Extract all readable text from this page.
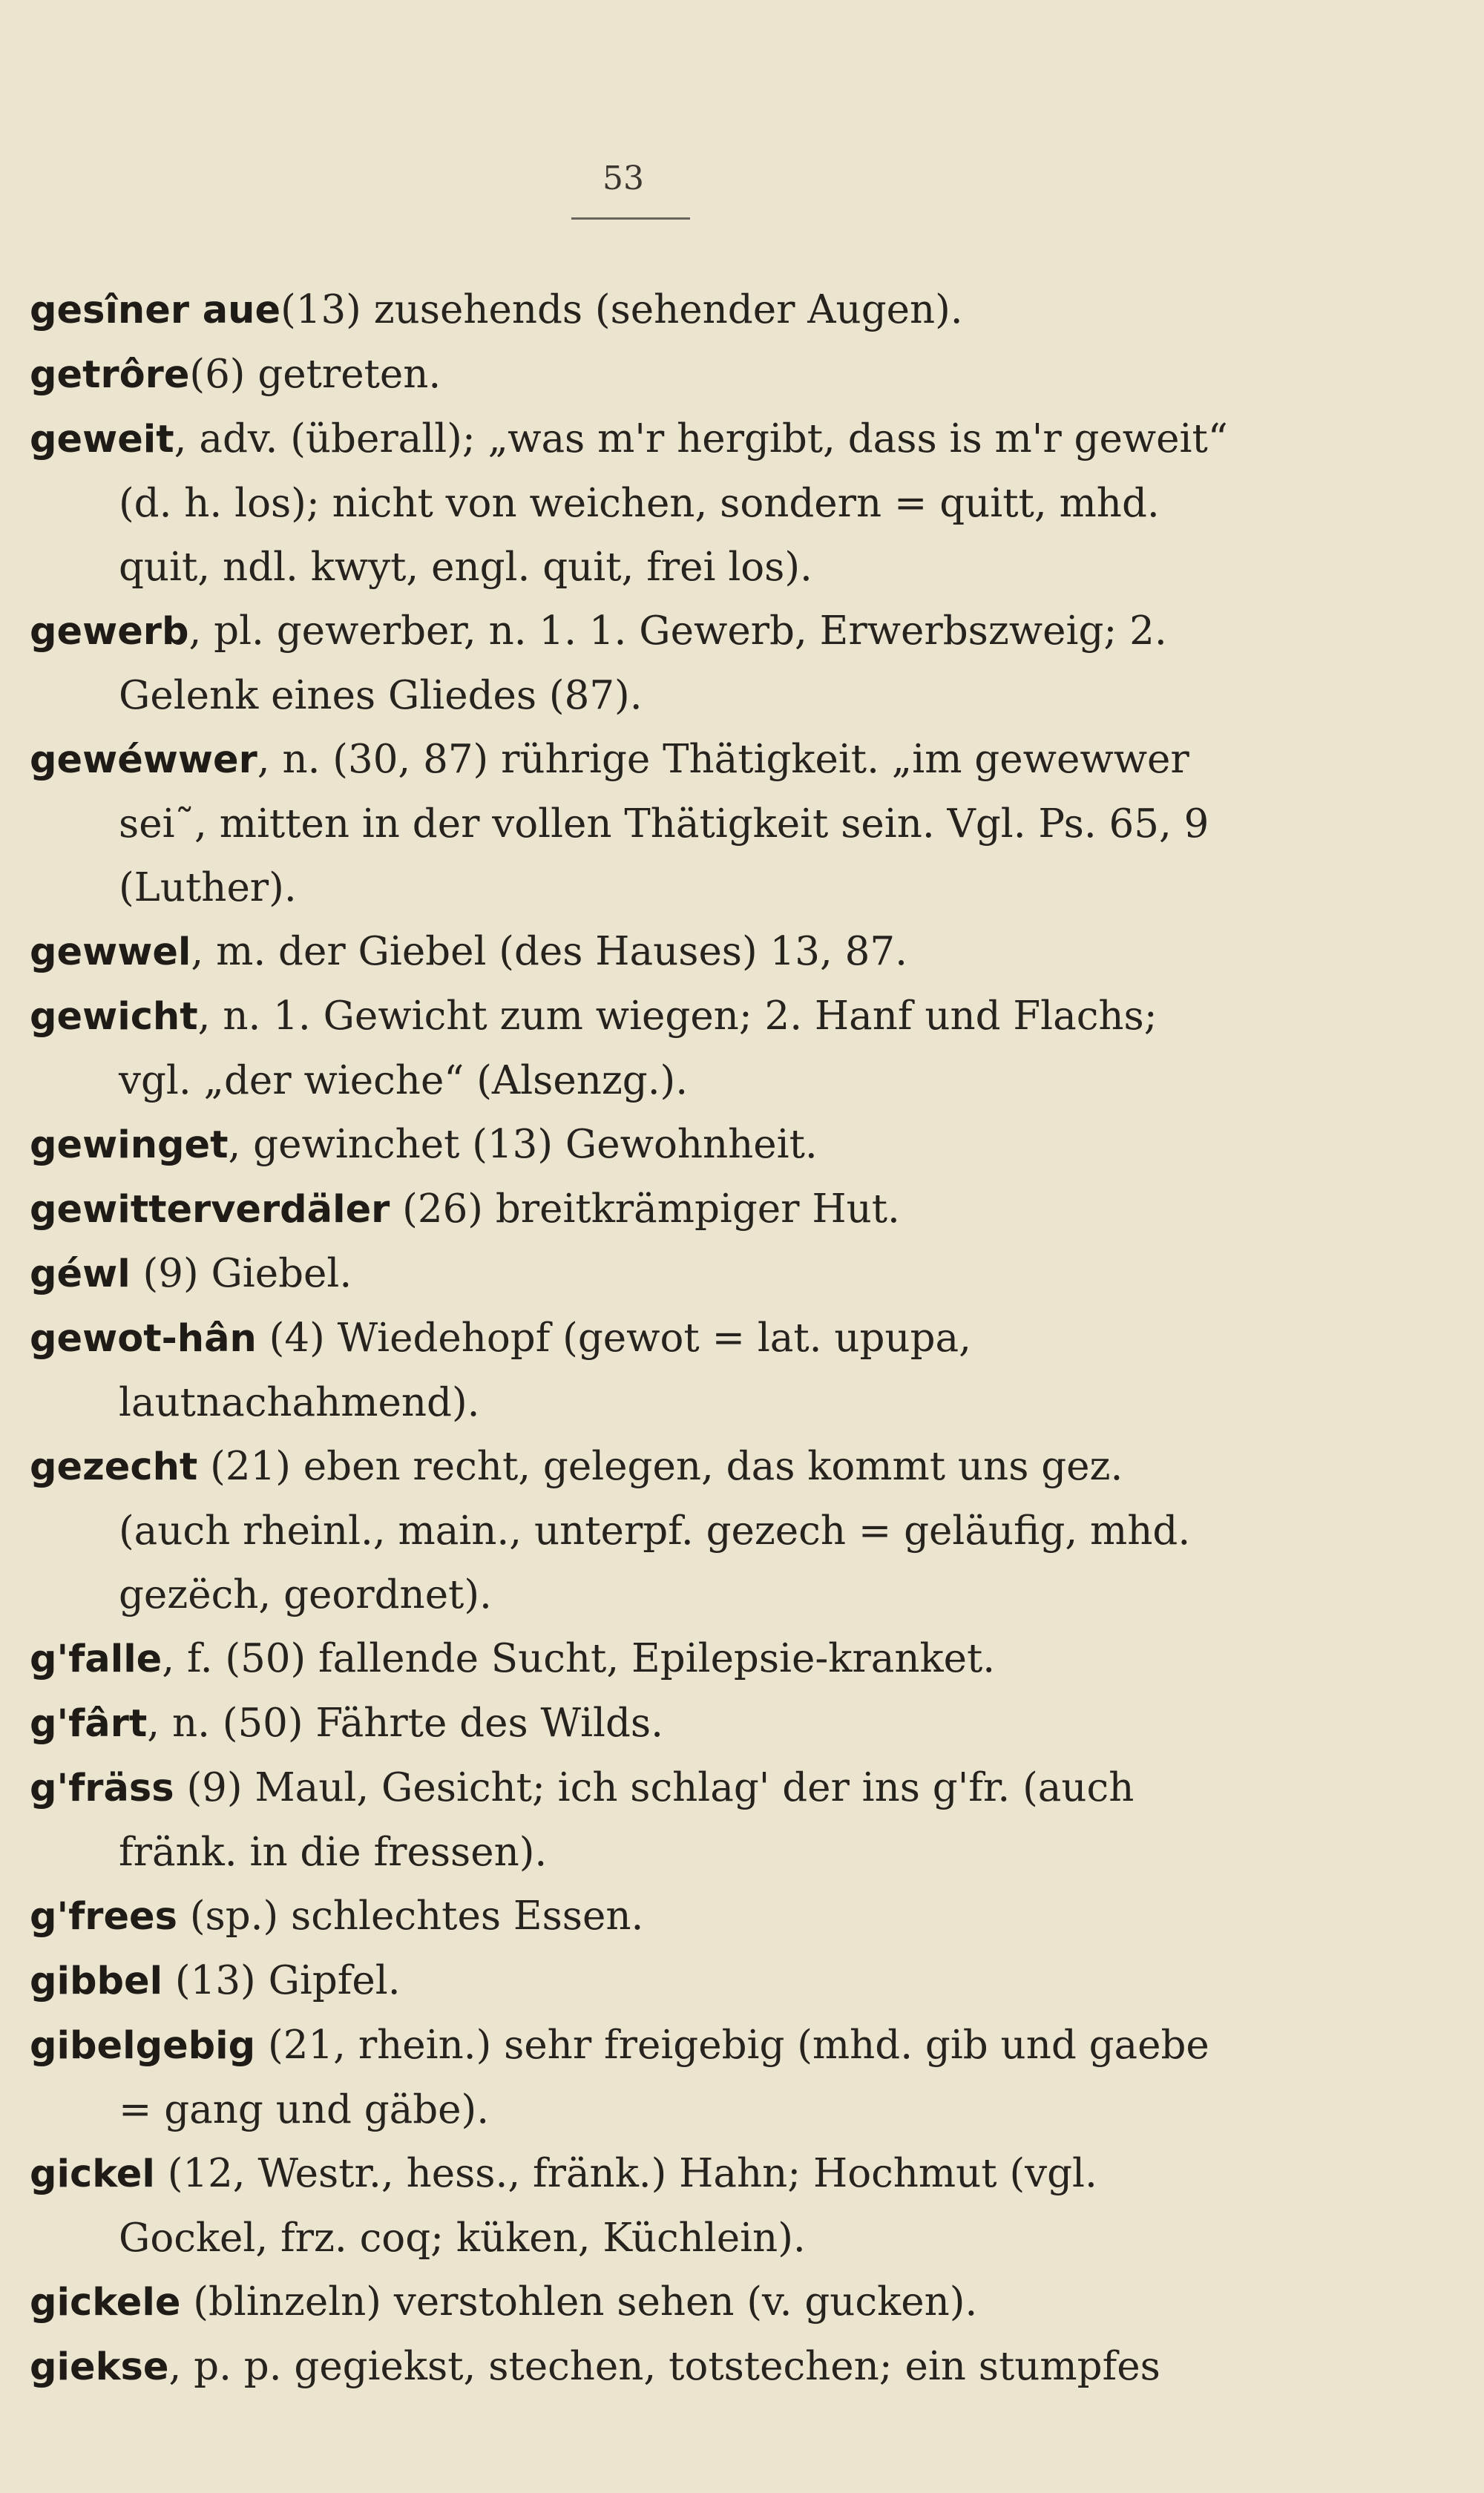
53

gesîner aue(13) zusehends (sehender Augen).

getrôre(6) getreten.

geweit, adv. (überall); „was m'r hergibt, dass is m'r geweit“ (d. h. los); nicht von weichen, sondern = quitt, mhd. quit, ndl. kwyt, engl. quit, frei los).

gewerb, pl. gewerber, n. 1. 1. Gewerb, Erwerbszweig; 2. Gelenk eines Gliedes (87).

gewéwwer, n. (30, 87) rührige Thätigkeit. „im gewewwer sei˜, mitten in der vollen Thätigkeit sein. Vgl. Ps. 65, 9 (Luther).

gewwel, m. der Giebel (des Hauses) 13, 87.

gewicht, n. 1. Gewicht zum wiegen; 2. Hanf und Flachs; vgl. „der wieche“ (Alsenzg.).

gewinget, gewinchet (13) Gewohnheit.

gewitterverdäler (26) breitkrämpiger Hut.

géwl (9) Giebel.

gewot-hân (4) Wiedehopf (gewot = lat. upupa, lautnachahmend).

gezecht (21) eben recht, gelegen, das kommt uns gez. (auch rheinl., main., unterpf. gezech = geläufig, mhd. gezëch, geordnet).

g'falle, f. (50) fallende Sucht, Epilepsie-kranket.

g'fârt, n. (50) Fährte des Wilds.

g'fräss (9) Maul, Gesicht; ich schlag' der ins g'fr. (auch fränk. in die fressen).

g'frees (sp.) schlechtes Essen.

gibbel (13) Gipfel.

gibelgebig (21, rhein.) sehr freigebig (mhd. gib und gaebe = gang und gäbe).

gickel (12, Westr., hess., fränk.) Hahn; Hochmut (vgl. Gockel, frz. coq; küken, Küchlein).

gickele (blinzeln) verstohlen sehen (v. gucken).

giekse, p. p. gegiekst, stechen, totstechen; ein stumpfes
